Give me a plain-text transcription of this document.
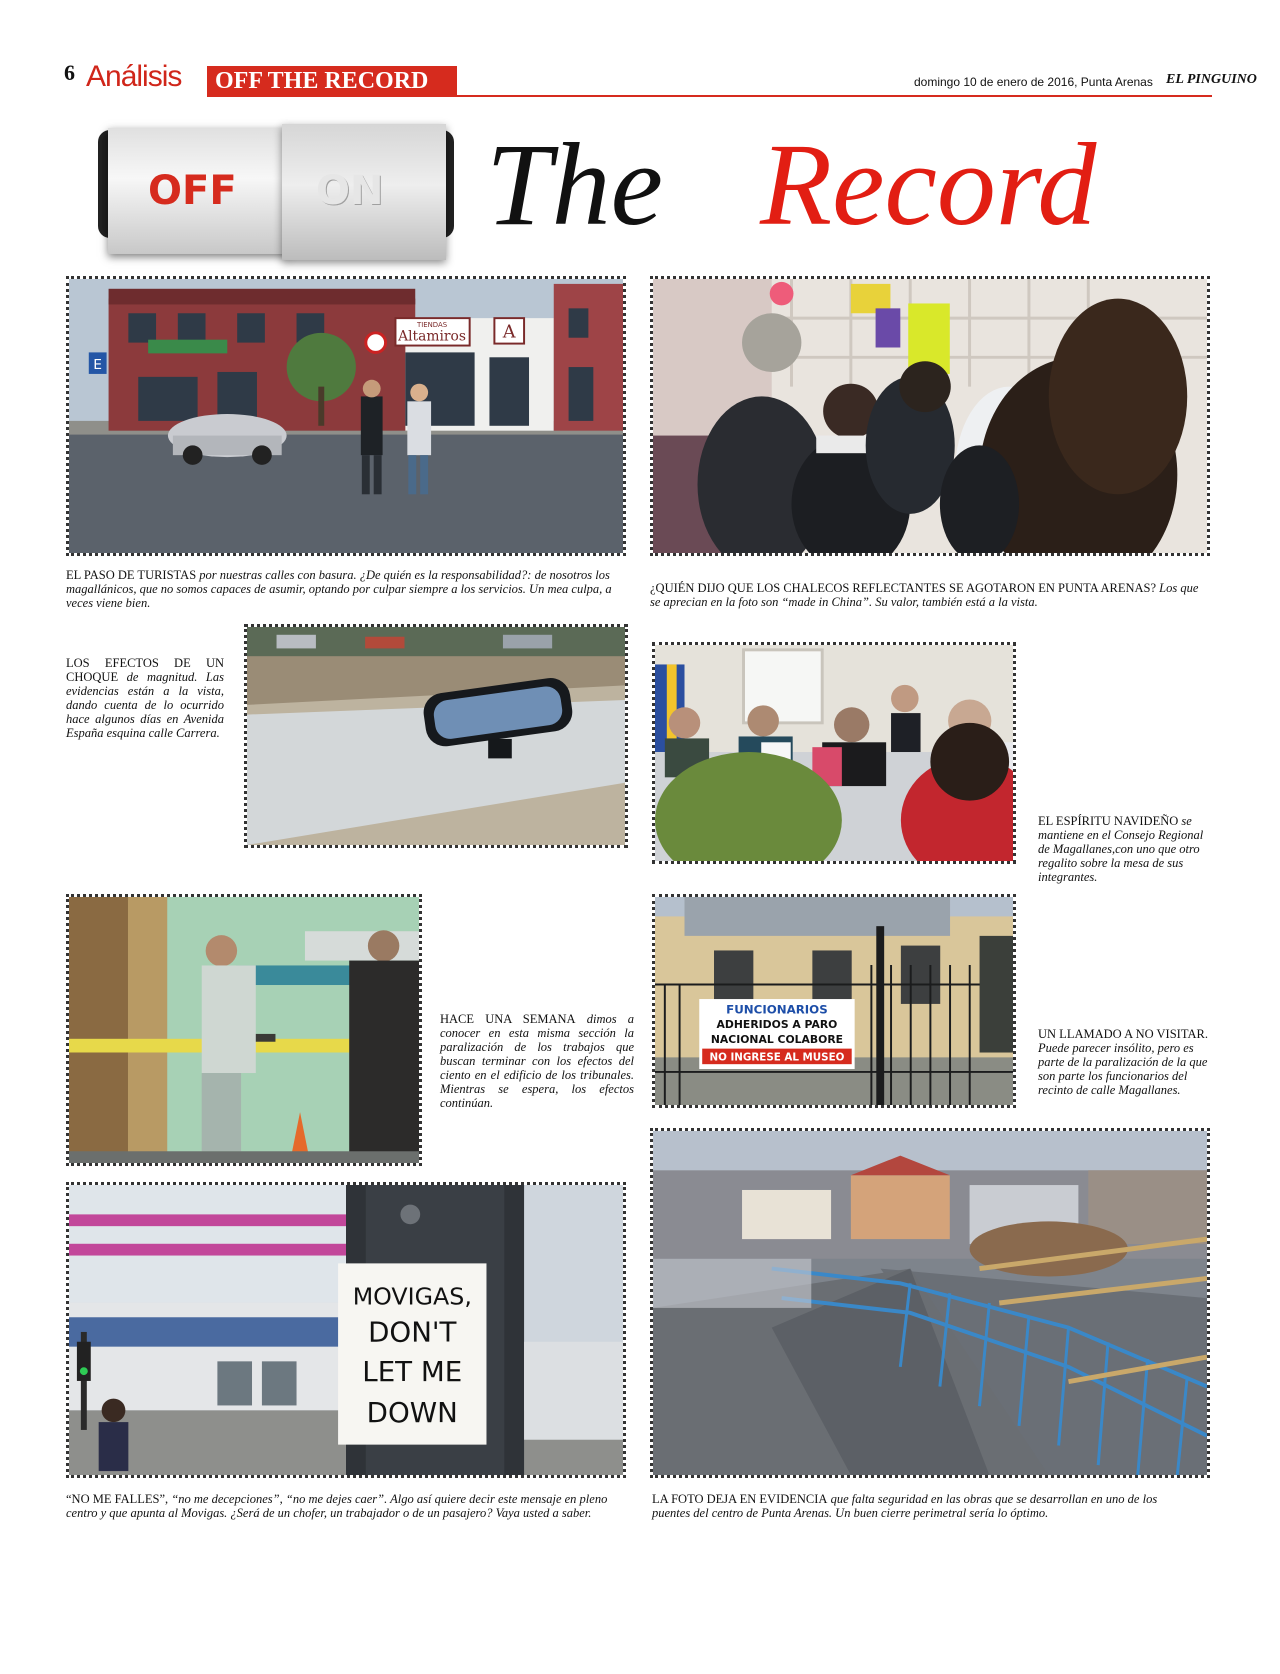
6 Análisis	OFF THE RECORD	domingo 10 de enero de 2016, Punta Arenas EL PINGUINO
OFF ON The Record
E
TIENDAS
Altamiros A
EL PASO DE TURISTAS por nuestras calles con basura. ¿De quién es la responsabilidad?: de nosotros los magallánicos, que no somos capaces de asumir, optando por culpar siempre a los servicios. Un mea culpa, a veces viene bien.
¿QUIÉN DIJO QUE LOS CHALECOS REFLECTANTES SE AGOTARON EN PUNTA ARENAS? Los que se aprecian en la foto son “made in China”. Su valor, también está a la vista.
LOS EFECTOS DE UN CHOQUE de magnitud. Las evidencias están a la vista, dando cuenta de lo ocurrido hace algunos días en Avenida España esquina calle Carrera.
EL ESPÍRITU NAVIDEÑO se mantiene en el Consejo Regional de Magallanes,con uno que otro regalito sobre la mesa de sus integrantes.
HACE UNA SEMANA dimos a conocer en esta misma sección la paralización de los trabajos que buscan terminar con los efectos del ciento en el edificio de los tribunales. Mientras se espera, los efectos continúan.
FUNCIONARIOS
ADHERIDOS A PARO
NACIONAL COLABORE
NO INGRESE AL MUSEO
UN LLAMADO A NO VISITAR. Puede parecer insólito, pero es parte de la paralización de la que son parte los funcionarios del recinto de calle Magallanes.
MOVIGAS,
DON'T
LET ME
DOWN
“NO ME FALLES”, “no me decepciones”, “no me dejes caer”. Algo así quiere decir este mensaje en pleno centro y que apunta al Movigas. ¿Será de un chofer, un trabajador o de un pasajero? Vaya usted a saber.
LA FOTO DEJA EN EVIDENCIA que falta seguridad en las obras que se desarrollan en uno de los puentes del centro de Punta Arenas. Un buen cierre perimetral sería lo óptimo.
